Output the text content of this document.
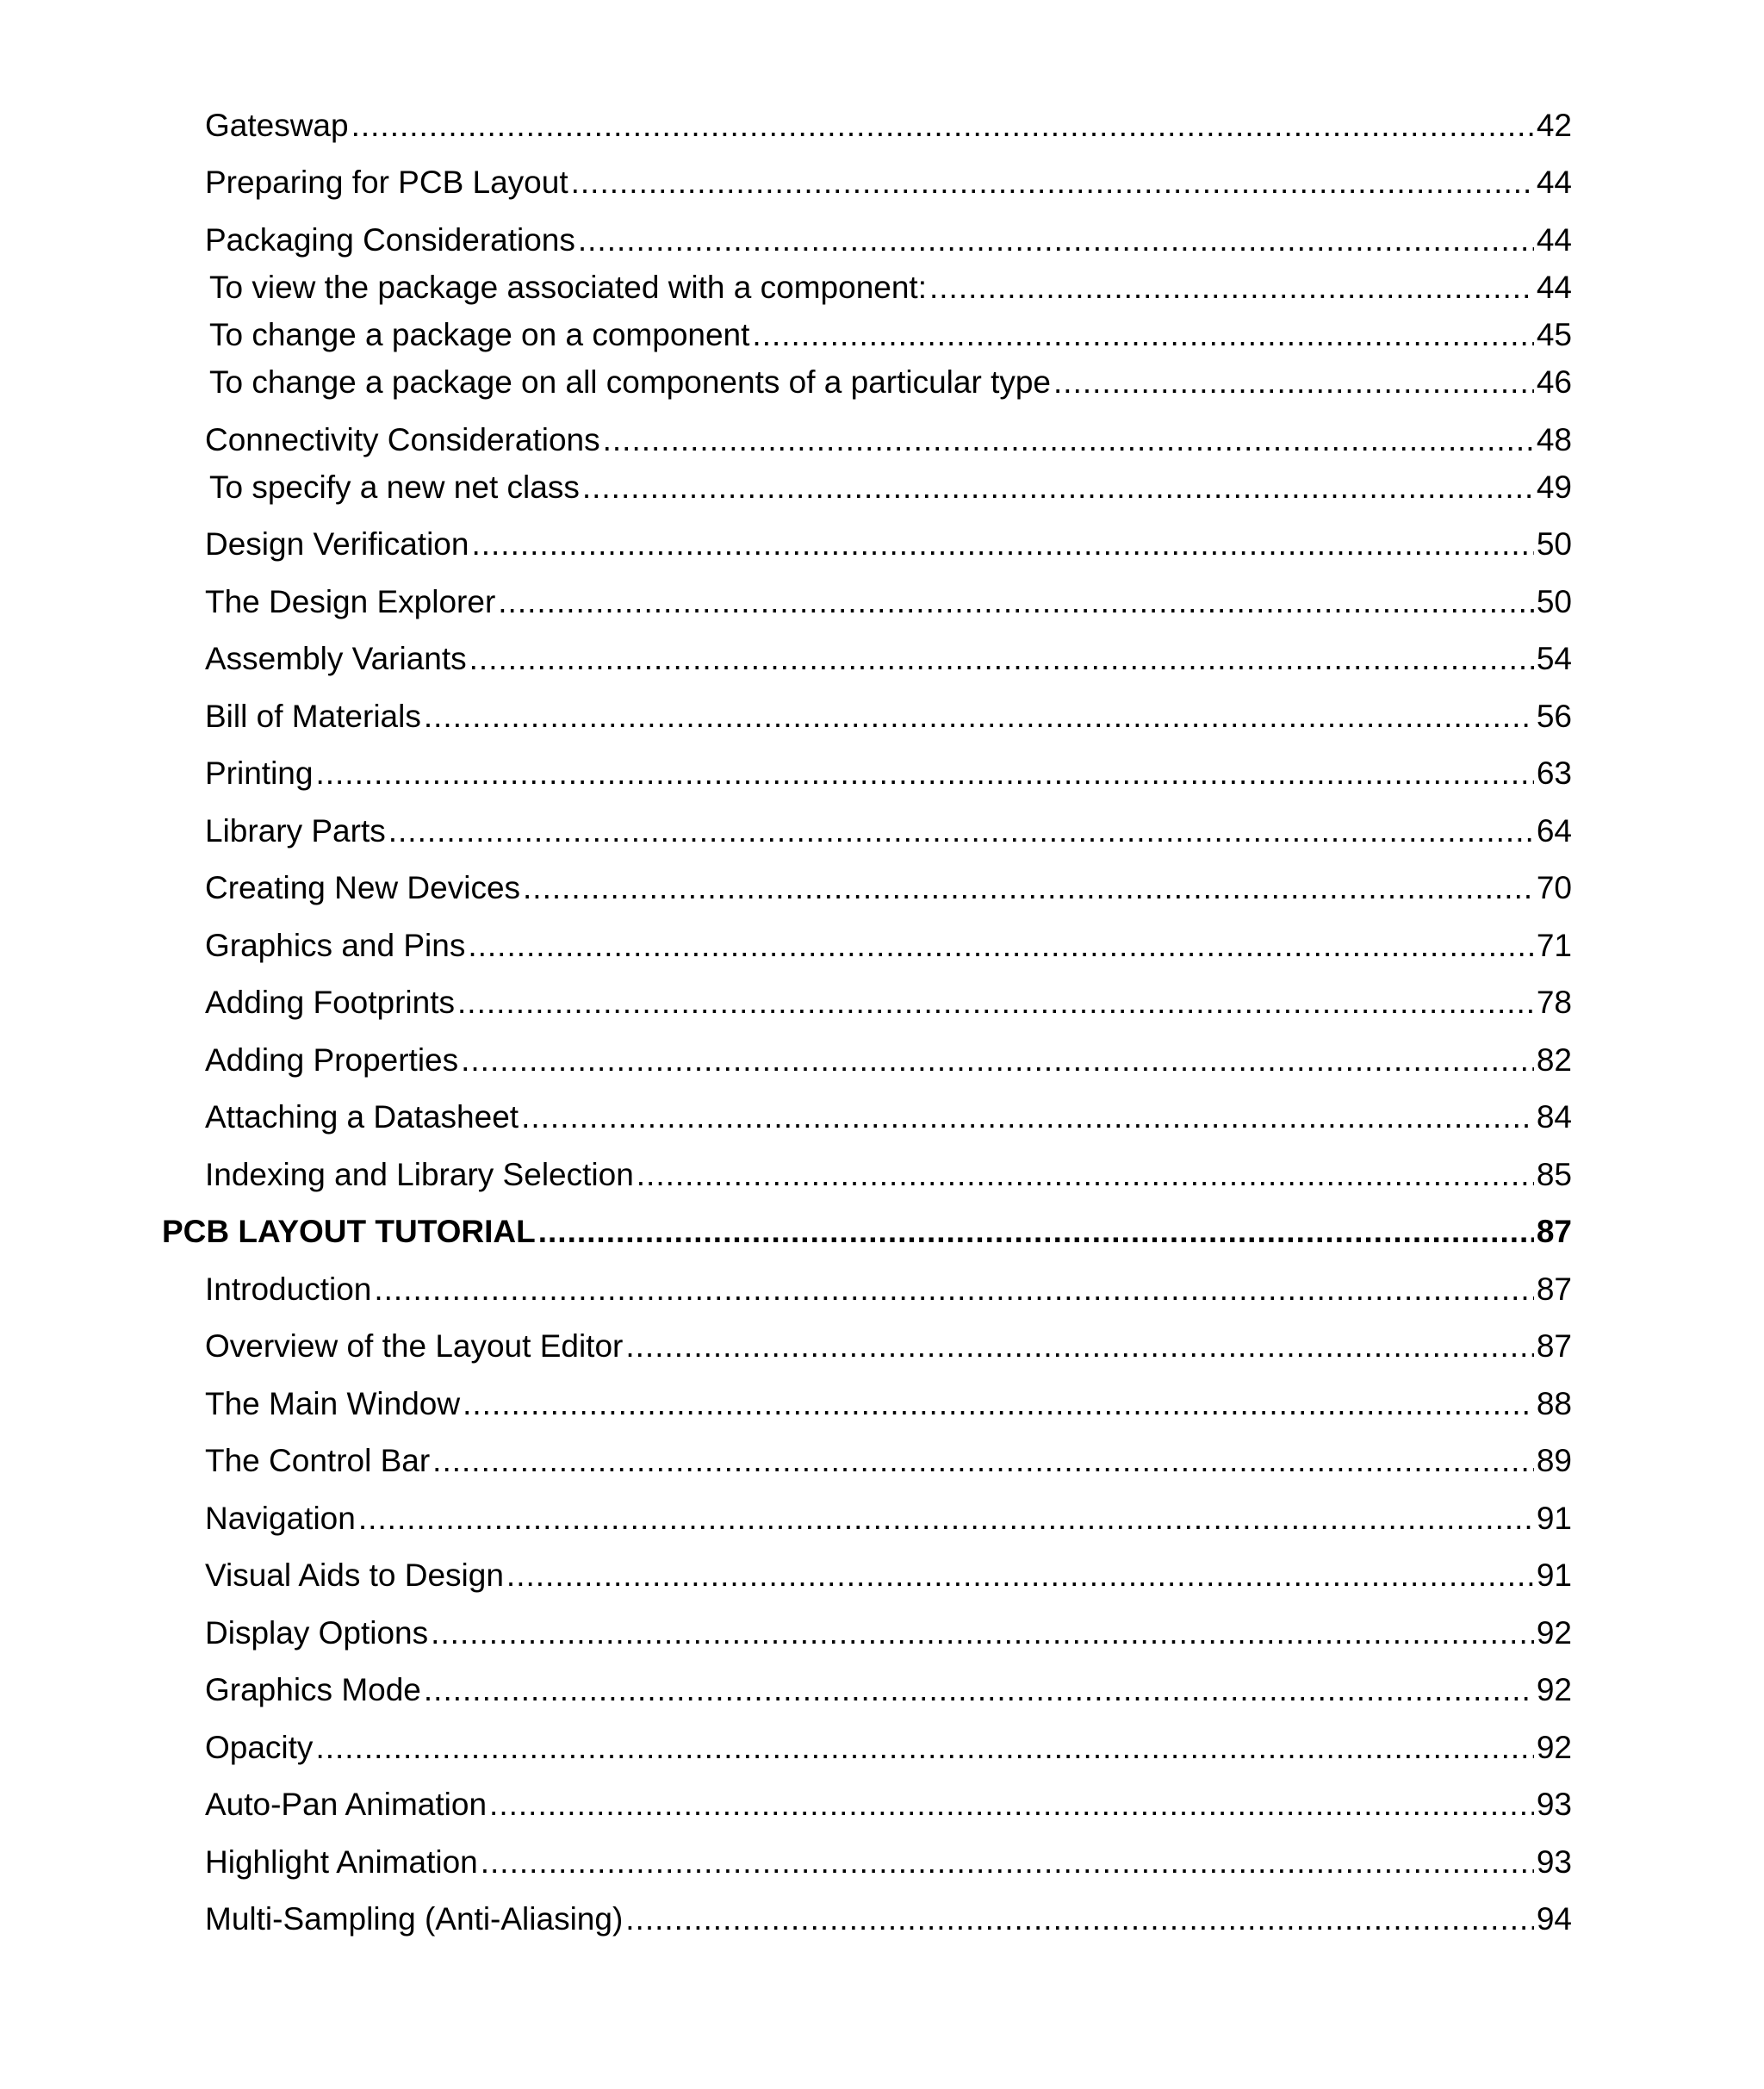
Gateswap .....	42
Preparing for PCB Layout .....	44
Packaging Considerations .....	44
To view the package associated with a component: .....	44
To change a package on a component .....	45
To change a package on all components of a particular type .....	46
Connectivity Considerations .....	48
To specify a new net class .....	49
Design Verification .....	50
The Design Explorer .....	50
Assembly Variants .....	54
Bill of Materials .....	56
Printing .....	63
Library Parts .....	64
Creating New Devices .....	70
Graphics and Pins .....	71
Adding Footprints .....	78
Adding Properties .....	82
Attaching a Datasheet .....	84
Indexing and Library Selection .....	85
PCB LAYOUT TUTORIAL .....	87
Introduction .....	87
Overview of the Layout Editor .....	87
The Main Window .....	88
The Control Bar .....	89
Navigation .....	91
Visual Aids to Design .....	91
Display Options .....	92
Graphics Mode .....	92
Opacity .....	92
Auto-Pan Animation .....	93
Highlight Animation .....	93
Multi-Sampling (Anti-Aliasing) .....	94
